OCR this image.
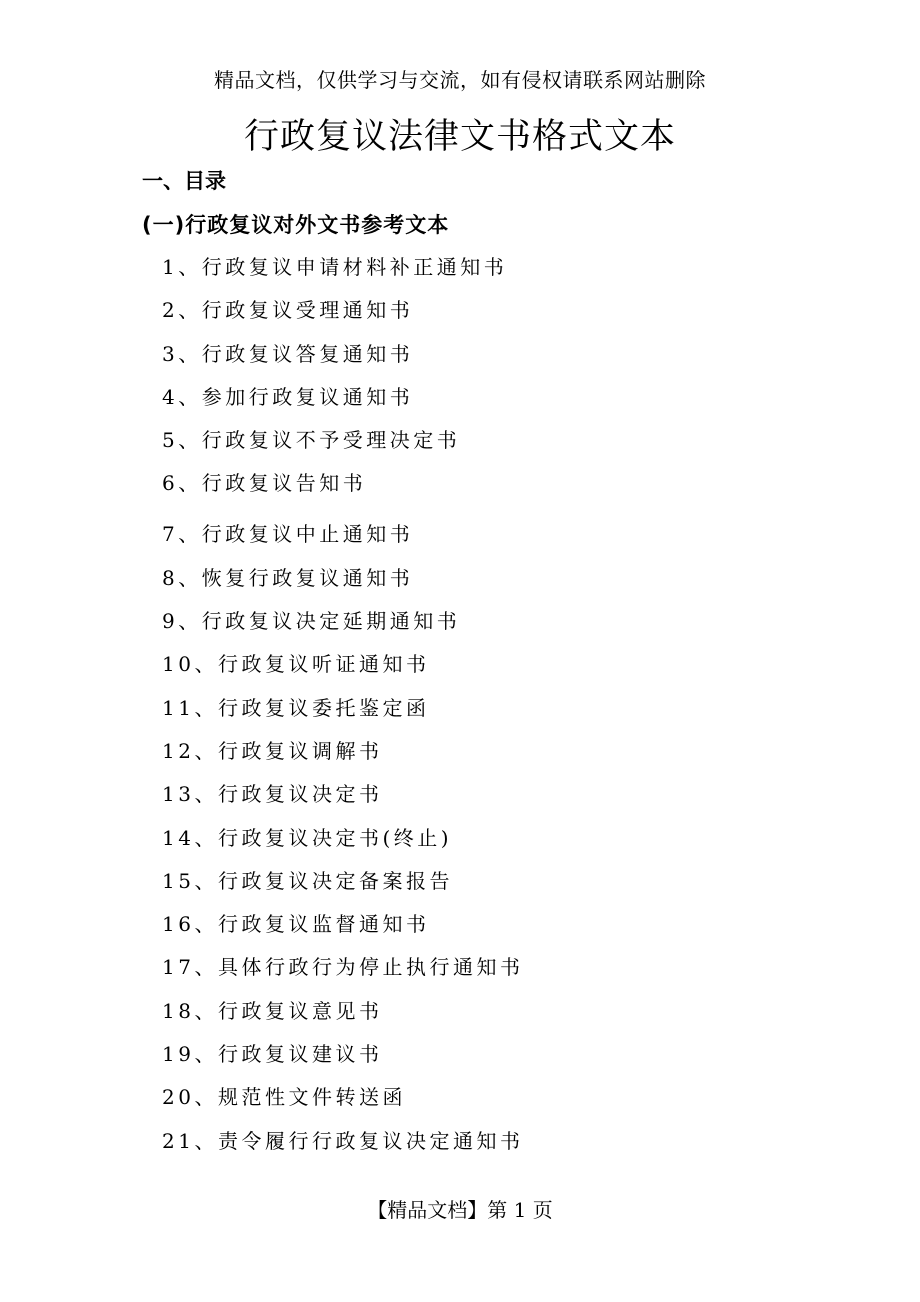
精品文档，仅供学习与交流，如有侵权请联系网站删除
行政复议法律文书格式文本
一、目录
(一)行政复议对外文书参考文本
1、行政复议申请材料补正通知书
2、行政复议受理通知书
3、行政复议答复通知书
4、参加行政复议通知书
5、行政复议不予受理决定书
6、行政复议告知书
7、行政复议中止通知书
8、恢复行政复议通知书
9、行政复议决定延期通知书
10、行政复议听证通知书
11、行政复议委托鉴定函
12、行政复议调解书
13、行政复议决定书
14、行政复议决定书(终止)
15、行政复议决定备案报告
16、行政复议监督通知书
17、具体行政行为停止执行通知书
18、行政复议意见书
19、行政复议建议书
20、规范性文件转送函
21、责令履行行政复议决定通知书
【精品文档】第 1 页
